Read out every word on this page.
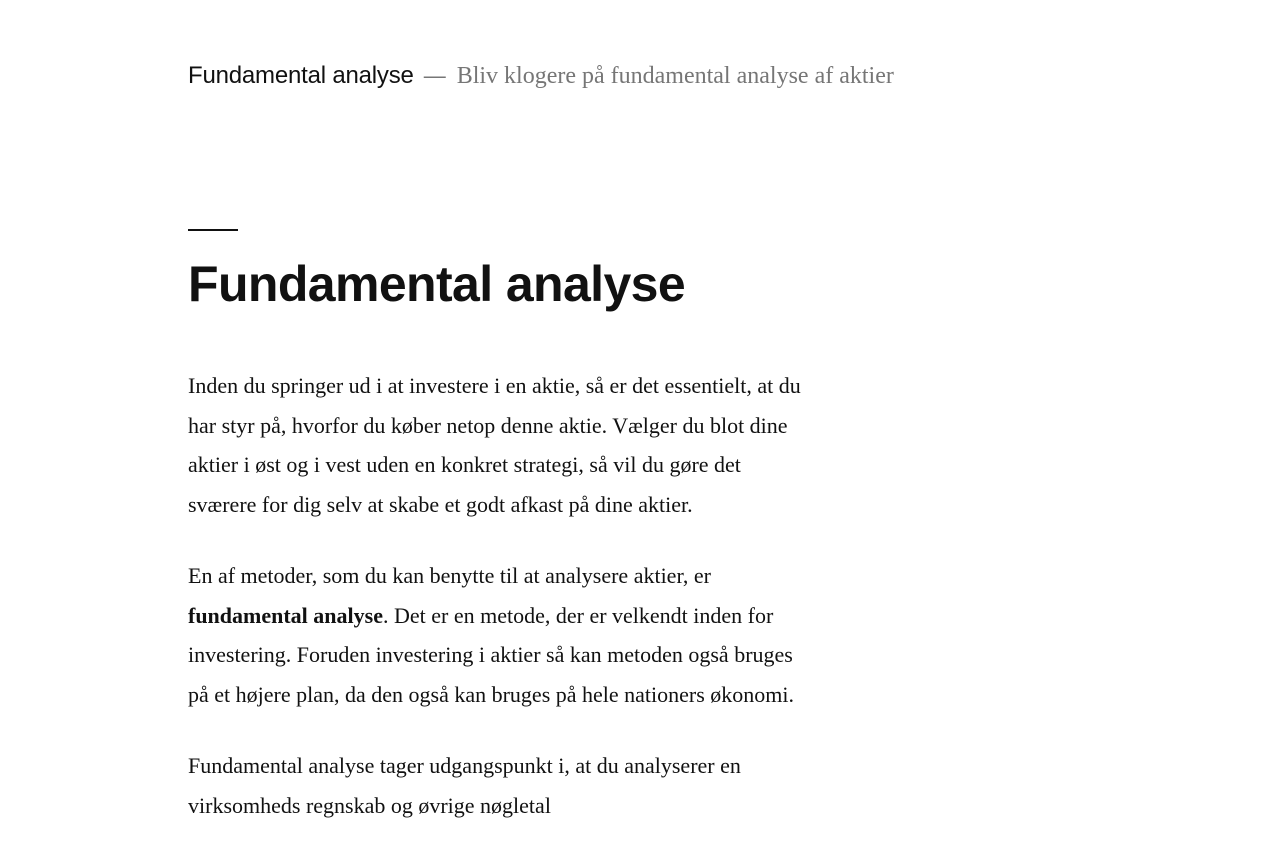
Fundamental analyse — Bliv klogere på fundamental analyse af aktier
Fundamental analyse

Inden du springer ud i at investere i en aktie, så er det essentielt, at du har styr på, hvorfor du køber netop denne aktie. Vælger du blot dine aktier i øst og i vest uden en konkret strategi, så vil du gøre det sværere for dig selv at skabe et godt afkast på dine aktier.

En af metoder, som du kan benytte til at analysere aktier, er fundamental analyse. Det er en metode, der er velkendt inden for investering. Foruden investering i aktier så kan metoden også bruges på et højere plan, da den også kan bruges på hele nationers økonomi.

Fundamental analyse tager udgangspunkt i, at du analyserer en virksomheds regnskab og øvrige nøgletal
